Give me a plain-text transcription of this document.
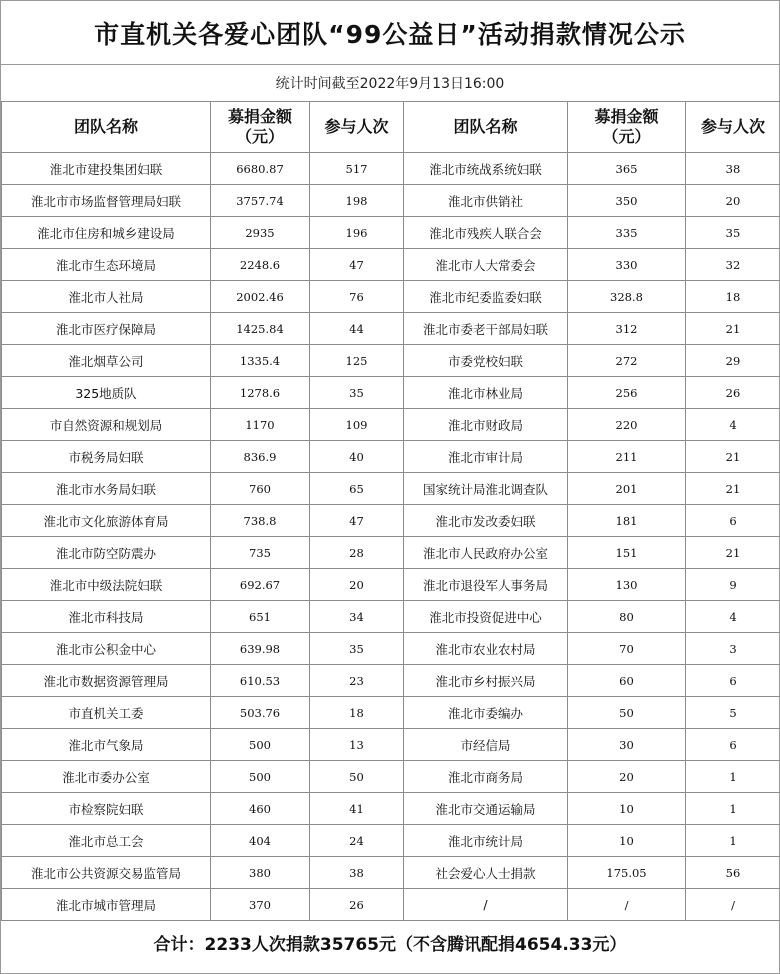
市直机关各爱心团队“99公益日”活动捐款情况公示
统计时间截至2022年9月13日16:00
团队名称	募捐金额（元）	参与人次	团队名称	募捐金额（元）	参与人次
淮北市建投集团妇联	6680.87	517	淮北市统战系统妇联	365	38
淮北市市场监督管理局妇联	3757.74	198	淮北市供销社	350	20
淮北市住房和城乡建设局	2935	196	淮北市残疾人联合会	335	35
淮北市生态环境局	2248.6	47	淮北市人大常委会	330	32
淮北市人社局	2002.46	76	淮北市纪委监委妇联	328.8	18
淮北市医疗保障局	1425.84	44	淮北市委老干部局妇联	312	21
淮北烟草公司	1335.4	125	市委党校妇联	272	29
325地质队	1278.6	35	淮北市林业局	256	26
市自然资源和规划局	1170	109	淮北市财政局	220	4
市税务局妇联	836.9	40	淮北市审计局	211	21
淮北市水务局妇联	760	65	国家统计局淮北调查队	201	21
淮北市文化旅游体育局	738.8	47	淮北市发改委妇联	181	6
淮北市防空防震办	735	28	淮北市人民政府办公室	151	21
淮北市中级法院妇联	692.67	20	淮北市退役军人事务局	130	9
淮北市科技局	651	34	淮北市投资促进中心	80	4
淮北市公积金中心	639.98	35	淮北市农业农村局	70	3
淮北市数据资源管理局	610.53	23	淮北市乡村振兴局	60	6
市直机关工委	503.76	18	淮北市委编办	50	5
淮北市气象局	500	13	市经信局	30	6
淮北市委办公室	500	50	淮北市商务局	20	1
市检察院妇联	460	41	淮北市交通运输局	10	1
淮北市总工会	404	24	淮北市统计局	10	1
淮北市公共资源交易监管局	380	38	社会爱心人士捐款	175.05	56
淮北市城市管理局	370	26	/	/	/
合计：2233人次捐款35765元（不含腾讯配捐4654.33元）
